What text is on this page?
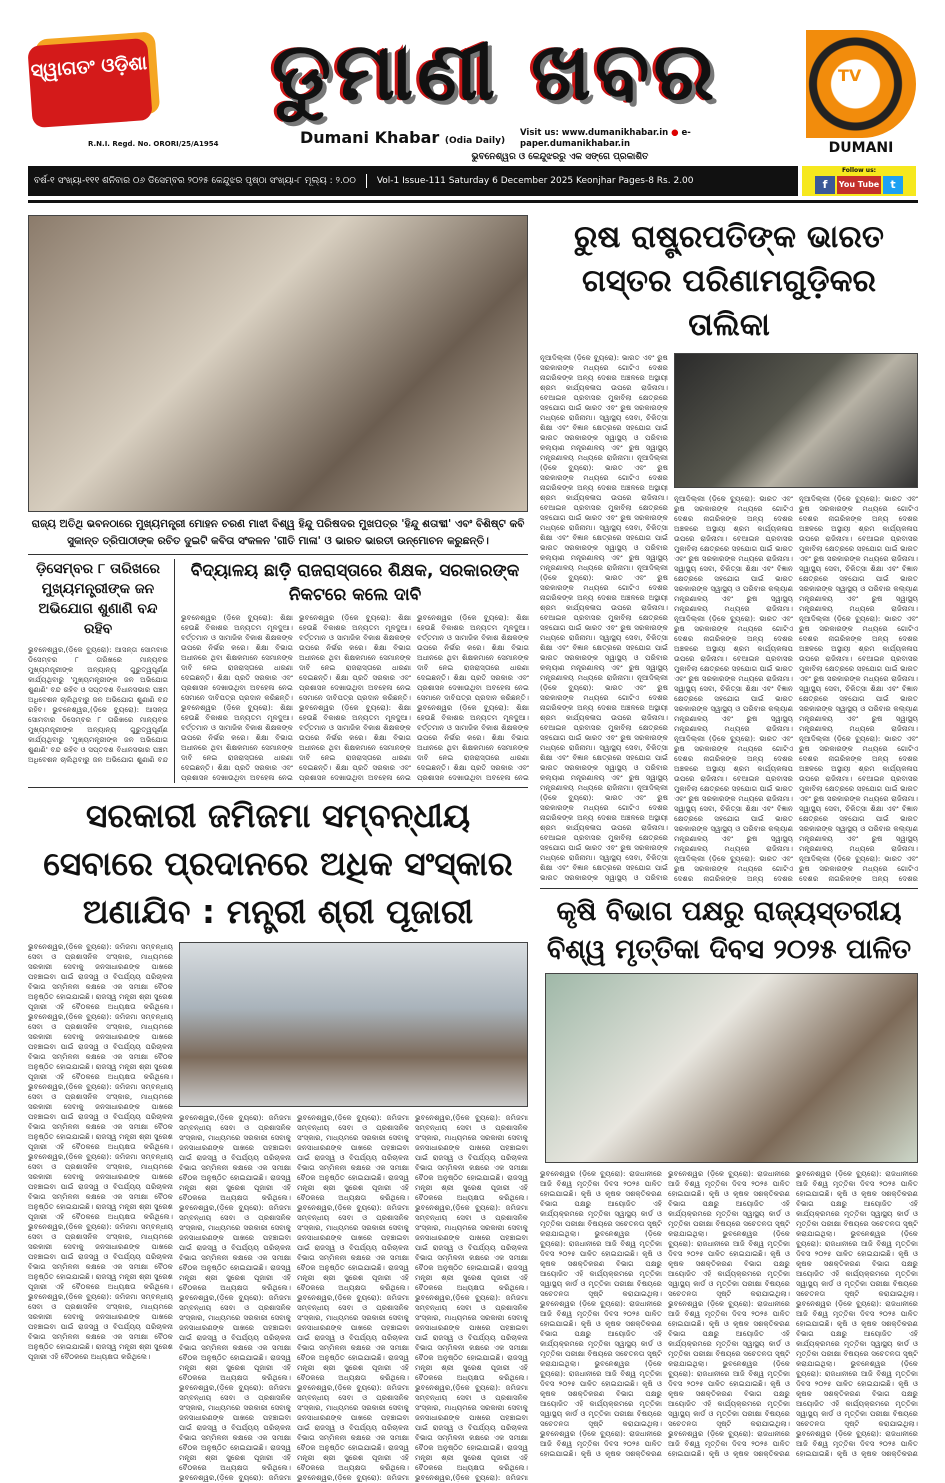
ସ୍ୱାଗତଂ ଓଡ଼ିଶା
R.N.I. Regd. No. ORORI/25/A1954
ଡୁମାଣୀ ଖବର
Dumani Khabar (Odia Daily)
Visit us: www.dumanikhabar.in ● e-paper.dumanikhabar.in
ଭୁବନେଶ୍ୱର ଓ କେନ୍ଦୁଝରରୁ ଏକ ସଙ୍ଗେ ପ୍ରକାଶିତ
TV
DUMANI
ବର୍ଷ-୧ ସଂଖ୍ୟା-୧୧୧ ଶନିବାର ୦୬ ଡିସେମ୍ବର ୨୦୨୫ କେନ୍ଦୁଝର ପୃଷ୍ଠା ସଂଖ୍ୟା-୮ ମୂଲ୍ୟ : ୨.୦୦ Vol-1 Issue-111 Saturday 6 December 2025 Keonjhar Pages-8 Rs. 2.00
Follow us:
f You Tube t
ରାଜ୍ୟ ଅତିଥି ଭବନଠାରେ ମୁଖ୍ୟମନ୍ତ୍ରୀ ମୋହନ ଚରଣ ମାଝୀ ବିଶ୍ୱ ହିନ୍ଦୁ ପରିଷଦର ମୁଖପତ୍ର 'ହିନ୍ଦୁ ଶତାବ୍ଦୀ' ଏବଂ ବିଶିଷ୍ଟ କବି ସୁକାନ୍ତ ତ୍ରିପାଠୀଙ୍କ ରଚିତ ଦୁଇଟି କବିତା ସଂକଳନ 'ଗୀତି ମାଳା' ଓ ଭାରତ ଭାରତୀ ଉନ୍ମୋଚନ କରୁଛନ୍ତି।
ଡ଼ିସେମ୍ବର ୮ ତାରିଖରେ ମୁଖ୍ୟମନ୍ତ୍ରୀଙ୍କ ଜନ ଅଭିଯୋଗ ଶୁଣାଣି ବନ୍ଦ ରହିବ
ଭୁବନେଶ୍ୱର,(ଡ଼ିକେ ବ୍ୟୁରୋ): ଆସନ୍ତା ସୋମବାର ଡିସେମ୍ବର ୮ ତାରିଖରେ ମାନ୍ୟବର ମୁଖ୍ୟମନ୍ତ୍ରୀଙ୍କ ଅନ୍ୟାନ୍ୟ ଗୁରୁତ୍ୱପୂର୍ଣ୍ଣ କାର୍ଯ୍ୟଥିବାରୁ 'ମୁଖ୍ୟମନ୍ତ୍ରୀଙ୍କ ଜନ ଅଭିଯୋଗ ଶୁଣାଣି' ବନ୍ଦ ରହିବ ଓ ସପ୍ତଦଶ ବିଧାନସଭାର ପଞ୍ଚମ ଅଧିବେଶନ ଚାଲିଥିବାରୁ ଜନ ଅଭିଯୋଗ ଶୁଣାଣି ବନ୍ଦ ରହିବ। ଭୁବନେଶ୍ୱର,(ଡ଼ିକେ ବ୍ୟୁରୋ): ଆସନ୍ତା ସୋମବାର ଡିସେମ୍ବର ୮ ତାରିଖରେ ମାନ୍ୟବର ମୁଖ୍ୟମନ୍ତ୍ରୀଙ୍କ ଅନ୍ୟାନ୍ୟ ଗୁରୁତ୍ୱପୂର୍ଣ୍ଣ କାର୍ଯ୍ୟଥିବାରୁ 'ମୁଖ୍ୟମନ୍ତ୍ରୀଙ୍କ ଜନ ଅଭିଯୋଗ ଶୁଣାଣି' ବନ୍ଦ ରହିବ ଓ ସପ୍ତଦଶ ବିଧାନସଭାର ପଞ୍ଚମ ଅଧିବେଶନ ଚାଲିଥିବାରୁ ଜନ ଅଭିଯୋଗ ଶୁଣାଣି ବନ୍ଦ
ବିଦ୍ୟାଳୟ ଛାଡ଼ି ରାଜରାସ୍ତାରେ ଶିକ୍ଷକ, ସରକାରଙ୍କ ନିକଟରେ କଲେ ଦାବି
ଭୁବନେଶ୍ୱର (ଡ଼ିକେ ବ୍ୟୁରୋ): ଶିକ୍ଷା ହେଉଛି ବିକାଶର ଅନ୍ୟତମ ମୂଳଦୁଆ। ବର୍ତ୍ତମାନ ଓ ସାମାଜିକ ବିକାଶ ଶିକ୍ଷକଙ୍କ ଉପରେ ନିର୍ଭର କରେ। ଶିକ୍ଷା ବିଭାଗ ଅଧୀନରେ ଥିବା ଶିକ୍ଷକମାନେ ସେମାନଙ୍କ ଦାବି ନେଇ ରାଜରାସ୍ତାରେ ଧାରଣା ଦେଇଛନ୍ତି। ଶିକ୍ଷା ପ୍ରତି ସରକାର ଏବଂ ପ୍ରଶାସନ ଦେଖାଉଥିବା ଅବହେଳା ନେଇ ସେମାନେ ଦାବିପତ୍ର ପ୍ରଦାନ କରିଛନ୍ତି। ଭୁବନେଶ୍ୱର (ଡ଼ିକେ ବ୍ୟୁରୋ): ଶିକ୍ଷା ହେଉଛି ବିକାଶର ଅନ୍ୟତମ ମୂଳଦୁଆ। ବର୍ତ୍ତମାନ ଓ ସାମାଜିକ ବିକାଶ ଶିକ୍ଷକଙ୍କ ଉପରେ ନିର୍ଭର କରେ। ଶିକ୍ଷା ବିଭାଗ ଅଧୀନରେ ଥିବା ଶିକ୍ଷକମାନେ ସେମାନଙ୍କ ଦାବି ନେଇ ରାଜରାସ୍ତାରେ ଧାରଣା ଦେଇଛନ୍ତି। ଶିକ୍ଷା ପ୍ରତି ସରକାର ଏବଂ ପ୍ରଶାସନ ଦେଖାଉଥିବା ଅବହେଳା ନେଇ
ଭୁବନେଶ୍ୱର (ଡ଼ିକେ ବ୍ୟୁରୋ): ଶିକ୍ଷା ହେଉଛି ବିକାଶର ଅନ୍ୟତମ ମୂଳଦୁଆ। ବର୍ତ୍ତମାନ ଓ ସାମାଜିକ ବିକାଶ ଶିକ୍ଷକଙ୍କ ଉପରେ ନିର୍ଭର କରେ। ଶିକ୍ଷା ବିଭାଗ ଅଧୀନରେ ଥିବା ଶିକ୍ଷକମାନେ ସେମାନଙ୍କ ଦାବି ନେଇ ରାଜରାସ୍ତାରେ ଧାରଣା ଦେଇଛନ୍ତି। ଶିକ୍ଷା ପ୍ରତି ସରକାର ଏବଂ ପ୍ରଶାସନ ଦେଖାଉଥିବା ଅବହେଳା ନେଇ ସେମାନେ ଦାବିପତ୍ର ପ୍ରଦାନ କରିଛନ୍ତି। ଭୁବନେଶ୍ୱର (ଡ଼ିକେ ବ୍ୟୁରୋ): ଶିକ୍ଷା ହେଉଛି ବିକାଶର ଅନ୍ୟତମ ମୂଳଦୁଆ। ବର୍ତ୍ତମାନ ଓ ସାମାଜିକ ବିକାଶ ଶିକ୍ଷକଙ୍କ ଉପରେ ନିର୍ଭର କରେ। ଶିକ୍ଷା ବିଭାଗ ଅଧୀନରେ ଥିବା ଶିକ୍ଷକମାନେ ସେମାନଙ୍କ ଦାବି ନେଇ ରାଜରାସ୍ତାରେ ଧାରଣା ଦେଇଛନ୍ତି। ଶିକ୍ଷା ପ୍ରତି ସରକାର ଏବଂ ପ୍ରଶାସନ ଦେଖାଉଥିବା ଅବହେଳା ନେଇ
ଭୁବନେଶ୍ୱର (ଡ଼ିକେ ବ୍ୟୁରୋ): ଶିକ୍ଷା ହେଉଛି ବିକାଶର ଅନ୍ୟତମ ମୂଳଦୁଆ। ବର୍ତ୍ତମାନ ଓ ସାମାଜିକ ବିକାଶ ଶିକ୍ଷକଙ୍କ ଉପରେ ନିର୍ଭର କରେ। ଶିକ୍ଷା ବିଭାଗ ଅଧୀନରେ ଥିବା ଶିକ୍ଷକମାନେ ସେମାନଙ୍କ ଦାବି ନେଇ ରାଜରାସ୍ତାରେ ଧାରଣା ଦେଇଛନ୍ତି। ଶିକ୍ଷା ପ୍ରତି ସରକାର ଏବଂ ପ୍ରଶାସନ ଦେଖାଉଥିବା ଅବହେଳା ନେଇ ସେମାନେ ଦାବିପତ୍ର ପ୍ରଦାନ କରିଛନ୍ତି। ଭୁବନେଶ୍ୱର (ଡ଼ିକେ ବ୍ୟୁରୋ): ଶିକ୍ଷା ହେଉଛି ବିକାଶର ଅନ୍ୟତମ ମୂଳଦୁଆ। ବର୍ତ୍ତମାନ ଓ ସାମାଜିକ ବିକାଶ ଶିକ୍ଷକଙ୍କ ଉପରେ ନିର୍ଭର କରେ। ଶିକ୍ଷା ବିଭାଗ ଅଧୀନରେ ଥିବା ଶିକ୍ଷକମାନେ ସେମାନଙ୍କ ଦାବି ନେଇ ରାଜରାସ୍ତାରେ ଧାରଣା ଦେଇଛନ୍ତି। ଶିକ୍ଷା ପ୍ରତି ସରକାର ଏବଂ ପ୍ରଶାସନ ଦେଖାଉଥିବା ଅବହେଳା ନେଇ
ସରକାରୀ ଜମିଜମା ସମ୍ବନ୍ଧୀୟ ସେବାରେ ପ୍ରଦାନରେ ଅଧିକ ସଂସ୍କାର ଅଣାଯିବ : ମନ୍ତ୍ରୀ ଶ୍ରୀ ପୂଜାରୀ
ଭୁବନେଶ୍ୱର,(ଡ଼ିକେ ବ୍ୟୁରୋ): ଜମିଜମା ସମ୍ବନ୍ଧୀୟ ସେବା ଓ ପ୍ରଶାସନିକ ସଂସ୍କାର, ମାଧ୍ୟମରେ ସରକାରୀ ସେବାକୁ ଜନସାଧାରଣଙ୍କ ପାଖରେ ପହଞ୍ଚାଇବା ପାଇଁ ରାଜସ୍ୱ ଓ ବିପର୍ଯ୍ୟୟ ପରିଚାଳନା ବିଭାଗ ସମ୍ମିଳନୀ କକ୍ଷରେ ଏକ ସମୀକ୍ଷା ବୈଠକ ଅନୁଷ୍ଠିତ ହୋଇଯାଇଛି। ରାଜସ୍ୱ ମନ୍ତ୍ରୀ ଶ୍ରୀ ସୁରେଶ ପୂଜାରୀ ଏହି ବୈଠକରେ ଅଧ୍ୟକ୍ଷତା କରିଥିଲେ। ଭୁବନେଶ୍ୱର,(ଡ଼ିକେ ବ୍ୟୁରୋ): ଜମିଜମା ସମ୍ବନ୍ଧୀୟ ସେବା ଓ ପ୍ରଶାସନିକ ସଂସ୍କାର, ମାଧ୍ୟମରେ ସରକାରୀ ସେବାକୁ ଜନସାଧାରଣଙ୍କ ପାଖରେ ପହଞ୍ଚାଇବା ପାଇଁ ରାଜସ୍ୱ ଓ ବିପର୍ଯ୍ୟୟ ପରିଚାଳନା ବିଭାଗ ସମ୍ମିଳନୀ କକ୍ଷରେ ଏକ ସମୀକ୍ଷା ବୈଠକ ଅନୁଷ୍ଠିତ ହୋଇଯାଇଛି। ରାଜସ୍ୱ ମନ୍ତ୍ରୀ ଶ୍ରୀ ସୁରେଶ ପୂଜାରୀ ଏହି ବୈଠକରେ ଅଧ୍ୟକ୍ଷତା କରିଥିଲେ। ଭୁବନେଶ୍ୱର,(ଡ଼ିକେ ବ୍ୟୁରୋ): ଜମିଜମା ସମ୍ବନ୍ଧୀୟ ସେବା ଓ ପ୍ରଶାସନିକ ସଂସ୍କାର, ମାଧ୍ୟମରେ ସରକାରୀ ସେବାକୁ ଜନସାଧାରଣଙ୍କ ପାଖରେ ପହଞ୍ଚାଇବା ପାଇଁ ରାଜସ୍ୱ ଓ ବିପର୍ଯ୍ୟୟ ପରିଚାଳନା ବିଭାଗ ସମ୍ମିଳନୀ କକ୍ଷରେ ଏକ ସମୀକ୍ଷା ବୈଠକ ଅନୁଷ୍ଠିତ ହୋଇଯାଇଛି। ରାଜସ୍ୱ ମନ୍ତ୍ରୀ ଶ୍ରୀ ସୁରେଶ ପୂଜାରୀ ଏହି ବୈଠକରେ ଅଧ୍ୟକ୍ଷତା କରିଥିଲେ। ଭୁବନେଶ୍ୱର,(ଡ଼ିକେ ବ୍ୟୁରୋ): ଜମିଜମା ସମ୍ବନ୍ଧୀୟ ସେବା ଓ ପ୍ରଶାସନିକ ସଂସ୍କାର, ମାଧ୍ୟମରେ ସରକାରୀ ସେବାକୁ ଜନସାଧାରଣଙ୍କ ପାଖରେ ପହଞ୍ଚାଇବା ପାଇଁ ରାଜସ୍ୱ ଓ ବିପର୍ଯ୍ୟୟ ପରିଚାଳନା ବିଭାଗ ସମ୍ମିଳନୀ କକ୍ଷରେ ଏକ ସମୀକ୍ଷା ବୈଠକ ଅନୁଷ୍ଠିତ ହୋଇଯାଇଛି। ରାଜସ୍ୱ ମନ୍ତ୍ରୀ ଶ୍ରୀ ସୁରେଶ ପୂଜାରୀ ଏହି ବୈଠକରେ ଅଧ୍ୟକ୍ଷତା କରିଥିଲେ। ଭୁବନେଶ୍ୱର,(ଡ଼ିକେ ବ୍ୟୁରୋ): ଜମିଜମା ସମ୍ବନ୍ଧୀୟ ସେବା ଓ ପ୍ରଶାସନିକ ସଂସ୍କାର, ମାଧ୍ୟମରେ ସରକାରୀ ସେବାକୁ ଜନସାଧାରଣଙ୍କ ପାଖରେ ପହଞ୍ଚାଇବା ପାଇଁ ରାଜସ୍ୱ ଓ ବିପର୍ଯ୍ୟୟ ପରିଚାଳନା ବିଭାଗ ସମ୍ମିଳନୀ କକ୍ଷରେ ଏକ ସମୀକ୍ଷା ବୈଠକ ଅନୁଷ୍ଠିତ ହୋଇଯାଇଛି। ରାଜସ୍ୱ ମନ୍ତ୍ରୀ ଶ୍ରୀ ସୁରେଶ ପୂଜାରୀ ଏହି ବୈଠକରେ ଅଧ୍ୟକ୍ଷତା କରିଥିଲେ। ଭୁବନେଶ୍ୱର,(ଡ଼ିକେ ବ୍ୟୁରୋ): ଜମିଜମା ସମ୍ବନ୍ଧୀୟ ସେବା ଓ ପ୍ରଶାସନିକ ସଂସ୍କାର, ମାଧ୍ୟମରେ ସରକାରୀ ସେବାକୁ ଜନସାଧାରଣଙ୍କ ପାଖରେ ପହଞ୍ଚାଇବା ପାଇଁ ରାଜସ୍ୱ ଓ ବିପର୍ଯ୍ୟୟ ପରିଚାଳନା ବିଭାଗ ସମ୍ମିଳନୀ କକ୍ଷରେ ଏକ ସମୀକ୍ଷା ବୈଠକ ଅନୁଷ୍ଠିତ ହୋଇଯାଇଛି। ରାଜସ୍ୱ ମନ୍ତ୍ରୀ ଶ୍ରୀ ସୁରେଶ ପୂଜାରୀ ଏହି ବୈଠକରେ ଅଧ୍ୟକ୍ଷତା କରିଥିଲେ।
ଭୁବନେଶ୍ୱର,(ଡ଼ିକେ ବ୍ୟୁରୋ): ଜମିଜମା ସମ୍ବନ୍ଧୀୟ ସେବା ଓ ପ୍ରଶାସନିକ ସଂସ୍କାର, ମାଧ୍ୟମରେ ସରକାରୀ ସେବାକୁ ଜନସାଧାରଣଙ୍କ ପାଖରେ ପହଞ୍ଚାଇବା ପାଇଁ ରାଜସ୍ୱ ଓ ବିପର୍ଯ୍ୟୟ ପରିଚାଳନା ବିଭାଗ ସମ୍ମିଳନୀ କକ୍ଷରେ ଏକ ସମୀକ୍ଷା ବୈଠକ ଅନୁଷ୍ଠିତ ହୋଇଯାଇଛି। ରାଜସ୍ୱ ମନ୍ତ୍ରୀ ଶ୍ରୀ ସୁରେଶ ପୂଜାରୀ ଏହି ବୈଠକରେ ଅଧ୍ୟକ୍ଷତା କରିଥିଲେ। ଭୁବନେଶ୍ୱର,(ଡ଼ିକେ ବ୍ୟୁରୋ): ଜମିଜମା ସମ୍ବନ୍ଧୀୟ ସେବା ଓ ପ୍ରଶାସନିକ ସଂସ୍କାର, ମାଧ୍ୟମରେ ସରକାରୀ ସେବାକୁ ଜନସାଧାରଣଙ୍କ ପାଖରେ ପହଞ୍ଚାଇବା ପାଇଁ ରାଜସ୍ୱ ଓ ବିପର୍ଯ୍ୟୟ ପରିଚାଳନା ବିଭାଗ ସମ୍ମିଳନୀ କକ୍ଷରେ ଏକ ସମୀକ୍ଷା ବୈଠକ ଅନୁଷ୍ଠିତ ହୋଇଯାଇଛି। ରାଜସ୍ୱ ମନ୍ତ୍ରୀ ଶ୍ରୀ ସୁରେଶ ପୂଜାରୀ ଏହି ବୈଠକରେ ଅଧ୍ୟକ୍ଷତା କରିଥିଲେ। ଭୁବନେଶ୍ୱର,(ଡ଼ିକେ ବ୍ୟୁରୋ): ଜମିଜମା ସମ୍ବନ୍ଧୀୟ ସେବା ଓ ପ୍ରଶାସନିକ ସଂସ୍କାର, ମାଧ୍ୟମରେ ସରକାରୀ ସେବାକୁ ଜନସାଧାରଣଙ୍କ ପାଖରେ ପହଞ୍ଚାଇବା ପାଇଁ ରାଜସ୍ୱ ଓ ବିପର୍ଯ୍ୟୟ ପରିଚାଳନା ବିଭାଗ ସମ୍ମିଳନୀ କକ୍ଷରେ ଏକ ସମୀକ୍ଷା ବୈଠକ ଅନୁଷ୍ଠିତ ହୋଇଯାଇଛି। ରାଜସ୍ୱ ମନ୍ତ୍ରୀ ଶ୍ରୀ ସୁରେଶ ପୂଜାରୀ ଏହି ବୈଠକରେ ଅଧ୍ୟକ୍ଷତା କରିଥିଲେ। ଭୁବନେଶ୍ୱର,(ଡ଼ିକେ ବ୍ୟୁରୋ): ଜମିଜମା ସମ୍ବନ୍ଧୀୟ ସେବା ଓ ପ୍ରଶାସନିକ ସଂସ୍କାର, ମାଧ୍ୟମରେ ସରକାରୀ ସେବାକୁ ଜନସାଧାରଣଙ୍କ ପାଖରେ ପହଞ୍ଚାଇବା ପାଇଁ ରାଜସ୍ୱ ଓ ବିପର୍ଯ୍ୟୟ ପରିଚାଳନା ବିଭାଗ ସମ୍ମିଳନୀ କକ୍ଷରେ ଏକ ସମୀକ୍ଷା ବୈଠକ ଅନୁଷ୍ଠିତ ହୋଇଯାଇଛି। ରାଜସ୍ୱ ମନ୍ତ୍ରୀ ଶ୍ରୀ ସୁରେଶ ପୂଜାରୀ ଏହି ବୈଠକରେ ଅଧ୍ୟକ୍ଷତା କରିଥିଲେ। ଭୁବନେଶ୍ୱର,(ଡ଼ିକେ ବ୍ୟୁରୋ): ଜମିଜମା
ଭୁବନେଶ୍ୱର,(ଡ଼ିକେ ବ୍ୟୁରୋ): ଜମିଜମା ସମ୍ବନ୍ଧୀୟ ସେବା ଓ ପ୍ରଶାସନିକ ସଂସ୍କାର, ମାଧ୍ୟମରେ ସରକାରୀ ସେବାକୁ ଜନସାଧାରଣଙ୍କ ପାଖରେ ପହଞ୍ଚାଇବା ପାଇଁ ରାଜସ୍ୱ ଓ ବିପର୍ଯ୍ୟୟ ପରିଚାଳନା ବିଭାଗ ସମ୍ମିଳନୀ କକ୍ଷରେ ଏକ ସମୀକ୍ଷା ବୈଠକ ଅନୁଷ୍ଠିତ ହୋଇଯାଇଛି। ରାଜସ୍ୱ ମନ୍ତ୍ରୀ ଶ୍ରୀ ସୁରେଶ ପୂଜାରୀ ଏହି ବୈଠକରେ ଅଧ୍ୟକ୍ଷତା କରିଥିଲେ। ଭୁବନେଶ୍ୱର,(ଡ଼ିକେ ବ୍ୟୁରୋ): ଜମିଜମା ସମ୍ବନ୍ଧୀୟ ସେବା ଓ ପ୍ରଶାସନିକ ସଂସ୍କାର, ମାଧ୍ୟମରେ ସରକାରୀ ସେବାକୁ ଜନସାଧାରଣଙ୍କ ପାଖରେ ପହଞ୍ଚାଇବା ପାଇଁ ରାଜସ୍ୱ ଓ ବିପର୍ଯ୍ୟୟ ପରିଚାଳନା ବିଭାଗ ସମ୍ମିଳନୀ କକ୍ଷରେ ଏକ ସମୀକ୍ଷା ବୈଠକ ଅନୁଷ୍ଠିତ ହୋଇଯାଇଛି। ରାଜସ୍ୱ ମନ୍ତ୍ରୀ ଶ୍ରୀ ସୁରେଶ ପୂଜାରୀ ଏହି ବୈଠକରେ ଅଧ୍ୟକ୍ଷତା କରିଥିଲେ। ଭୁବନେଶ୍ୱର,(ଡ଼ିକେ ବ୍ୟୁରୋ): ଜମିଜମା ସମ୍ବନ୍ଧୀୟ ସେବା ଓ ପ୍ରଶାସନିକ ସଂସ୍କାର, ମାଧ୍ୟମରେ ସରକାରୀ ସେବାକୁ ଜନସାଧାରଣଙ୍କ ପାଖରେ ପହଞ୍ଚାଇବା ପାଇଁ ରାଜସ୍ୱ ଓ ବିପର୍ଯ୍ୟୟ ପରିଚାଳନା ବିଭାଗ ସମ୍ମିଳନୀ କକ୍ଷରେ ଏକ ସମୀକ୍ଷା ବୈଠକ ଅନୁଷ୍ଠିତ ହୋଇଯାଇଛି। ରାଜସ୍ୱ ମନ୍ତ୍ରୀ ଶ୍ରୀ ସୁରେଶ ପୂଜାରୀ ଏହି ବୈଠକରେ ଅଧ୍ୟକ୍ଷତା କରିଥିଲେ। ଭୁବନେଶ୍ୱର,(ଡ଼ିକେ ବ୍ୟୁରୋ): ଜମିଜମା ସମ୍ବନ୍ଧୀୟ ସେବା ଓ ପ୍ରଶାସନିକ ସଂସ୍କାର, ମାଧ୍ୟମରେ ସରକାରୀ ସେବାକୁ ଜନସାଧାରଣଙ୍କ ପାଖରେ ପହଞ୍ଚାଇବା ପାଇଁ ରାଜସ୍ୱ ଓ ବିପର୍ଯ୍ୟୟ ପରିଚାଳନା ବିଭାଗ ସମ୍ମିଳନୀ କକ୍ଷରେ ଏକ ସମୀକ୍ଷା ବୈଠକ ଅନୁଷ୍ଠିତ ହୋଇଯାଇଛି। ରାଜସ୍ୱ ମନ୍ତ୍ରୀ ଶ୍ରୀ ସୁରେଶ ପୂଜାରୀ ଏହି ବୈଠକରେ ଅଧ୍ୟକ୍ଷତା କରିଥିଲେ। ଭୁବନେଶ୍ୱର,(ଡ଼ିକେ ବ୍ୟୁରୋ): ଜମିଜମା
ଭୁବନେଶ୍ୱର,(ଡ଼ିକେ ବ୍ୟୁରୋ): ଜମିଜମା ସମ୍ବନ୍ଧୀୟ ସେବା ଓ ପ୍ରଶାସନିକ ସଂସ୍କାର, ମାଧ୍ୟମରେ ସରକାରୀ ସେବାକୁ ଜନସାଧାରଣଙ୍କ ପାଖରେ ପହଞ୍ଚାଇବା ପାଇଁ ରାଜସ୍ୱ ଓ ବିପର୍ଯ୍ୟୟ ପରିଚାଳନା ବିଭାଗ ସମ୍ମିଳନୀ କକ୍ଷରେ ଏକ ସମୀକ୍ଷା ବୈଠକ ଅନୁଷ୍ଠିତ ହୋଇଯାଇଛି। ରାଜସ୍ୱ ମନ୍ତ୍ରୀ ଶ୍ରୀ ସୁରେଶ ପୂଜାରୀ ଏହି ବୈଠକରେ ଅଧ୍ୟକ୍ଷତା କରିଥିଲେ। ଭୁବନେଶ୍ୱର,(ଡ଼ିକେ ବ୍ୟୁରୋ): ଜମିଜମା ସମ୍ବନ୍ଧୀୟ ସେବା ଓ ପ୍ରଶାସନିକ ସଂସ୍କାର, ମାଧ୍ୟମରେ ସରକାରୀ ସେବାକୁ ଜନସାଧାରଣଙ୍କ ପାଖରେ ପହଞ୍ଚାଇବା ପାଇଁ ରାଜସ୍ୱ ଓ ବିପର୍ଯ୍ୟୟ ପରିଚାଳନା ବିଭାଗ ସମ୍ମିଳନୀ କକ୍ଷରେ ଏକ ସମୀକ୍ଷା ବୈଠକ ଅନୁଷ୍ଠିତ ହୋଇଯାଇଛି। ରାଜସ୍ୱ ମନ୍ତ୍ରୀ ଶ୍ରୀ ସୁରେଶ ପୂଜାରୀ ଏହି ବୈଠକରେ ଅଧ୍ୟକ୍ଷତା କରିଥିଲେ। ଭୁବନେଶ୍ୱର,(ଡ଼ିକେ ବ୍ୟୁରୋ): ଜମିଜମା ସମ୍ବନ୍ଧୀୟ ସେବା ଓ ପ୍ରଶାସନିକ ସଂସ୍କାର, ମାଧ୍ୟମରେ ସରକାରୀ ସେବାକୁ ଜନସାଧାରଣଙ୍କ ପାଖରେ ପହଞ୍ଚାଇବା ପାଇଁ ରାଜସ୍ୱ ଓ ବିପର୍ଯ୍ୟୟ ପରିଚାଳନା ବିଭାଗ ସମ୍ମିଳନୀ କକ୍ଷରେ ଏକ ସମୀକ୍ଷା ବୈଠକ ଅନୁଷ୍ଠିତ ହୋଇଯାଇଛି। ରାଜସ୍ୱ ମନ୍ତ୍ରୀ ଶ୍ରୀ ସୁରେଶ ପୂଜାରୀ ଏହି ବୈଠକରେ ଅଧ୍ୟକ୍ଷତା କରିଥିଲେ। ଭୁବନେଶ୍ୱର,(ଡ଼ିକେ ବ୍ୟୁରୋ): ଜମିଜମା ସମ୍ବନ୍ଧୀୟ ସେବା ଓ ପ୍ରଶାସନିକ ସଂସ୍କାର, ମାଧ୍ୟମରେ ସରକାରୀ ସେବାକୁ ଜନସାଧାରଣଙ୍କ ପାଖରେ ପହଞ୍ଚାଇବା ପାଇଁ ରାଜସ୍ୱ ଓ ବିପର୍ଯ୍ୟୟ ପରିଚାଳନା ବିଭାଗ ସମ୍ମିଳନୀ କକ୍ଷରେ ଏକ ସମୀକ୍ଷା ବୈଠକ ଅନୁଷ୍ଠିତ ହୋଇଯାଇଛି। ରାଜସ୍ୱ ମନ୍ତ୍ରୀ ଶ୍ରୀ ସୁରେଶ ପୂଜାରୀ ଏହି ବୈଠକରେ ଅଧ୍ୟକ୍ଷତା କରିଥିଲେ। ଭୁବନେଶ୍ୱର,(ଡ଼ିକେ ବ୍ୟୁରୋ): ଜମିଜମା
ରୁଷ ରାଷ୍ଟ୍ରପତିଙ୍କ ଭାରତ ଗସ୍ତର ପରିଣାମଗୁଡ଼ିକର ତାଲିକା
ନୂଆଦିଲ୍ଲୀ (ଡ଼ିକେ ବ୍ୟୁରୋ): ଭାରତ ଏବଂ ରୁଷ ସରକାରଙ୍କ ମଧ୍ୟରେ ଗୋଟିଏ ଦେଶର ନାଗରିକଙ୍କ ଅନ୍ୟ ଦେଶର ଅଞ୍ଚଳରେ ଅସ୍ଥାୟୀ ଶ୍ରମ କାର୍ଯ୍ୟକଳାପ ଉପରେ ରାଜିନାମା। ବେଆଇନ ପ୍ରବାସର ମୁକାବିଲା କ୍ଷେତ୍ରରେ ସହଯୋଗ ପାଇଁ ଭାରତ ଏବଂ ରୁଷ ସରକାରଙ୍କ ମଧ୍ୟରେ ରାଜିନାମା। ସ୍ୱାସ୍ଥ୍ୟ ସେବା, ଚିକିତ୍ସା ଶିକ୍ଷା ଏବଂ ବିଜ୍ଞାନ କ୍ଷେତ୍ରରେ ସହଯୋଗ ପାଇଁ ଭାରତ ସରକାରଙ୍କ ସ୍ୱାସ୍ଥ୍ୟ ଓ ପରିବାର କଲ୍ୟାଣ ମନ୍ତ୍ରଣାଳୟ ଏବଂ ରୁଷ ସ୍ୱାସ୍ଥ୍ୟ ମନ୍ତ୍ରଣାଳୟ ମଧ୍ୟରେ ରାଜିନାମା। ନୂଆଦିଲ୍ଲୀ (ଡ଼ିକେ ବ୍ୟୁରୋ): ଭାରତ ଏବଂ ରୁଷ ସରକାରଙ୍କ ମଧ୍ୟରେ ଗୋଟିଏ ଦେଶର ନାଗରିକଙ୍କ ଅନ୍ୟ ଦେଶର ଅଞ୍ଚଳରେ ଅସ୍ଥାୟୀ ଶ୍ରମ କାର୍ଯ୍ୟକଳାପ ଉପରେ ରାଜିନାମା। ବେଆଇନ ପ୍ରବାସର ମୁକାବିଲା କ୍ଷେତ୍ରରେ ସହଯୋଗ ପାଇଁ ଭାରତ ଏବଂ ରୁଷ ସରକାରଙ୍କ ମଧ୍ୟରେ ରାଜିନାମା। ସ୍ୱାସ୍ଥ୍ୟ ସେବା, ଚିକିତ୍ସା ଶିକ୍ଷା ଏବଂ ବିଜ୍ଞାନ କ୍ଷେତ୍ରରେ ସହଯୋଗ ପାଇଁ ଭାରତ ସରକାରଙ୍କ ସ୍ୱାସ୍ଥ୍ୟ ଓ ପରିବାର କଲ୍ୟାଣ ମନ୍ତ୍ରଣାଳୟ ଏବଂ ରୁଷ ସ୍ୱାସ୍ଥ୍ୟ ମନ୍ତ୍ରଣାଳୟ ମଧ୍ୟରେ ରାଜିନାମା। ନୂଆଦିଲ୍ଲୀ (ଡ଼ିକେ ବ୍ୟୁରୋ): ଭାରତ ଏବଂ ରୁଷ ସରକାରଙ୍କ ମଧ୍ୟରେ ଗୋଟିଏ ଦେଶର ନାଗରିକଙ୍କ ଅନ୍ୟ ଦେଶର ଅଞ୍ଚଳରେ ଅସ୍ଥାୟୀ ଶ୍ରମ କାର୍ଯ୍ୟକଳାପ ଉପରେ ରାଜିନାମା। ବେଆଇନ ପ୍ରବାସର ମୁକାବିଲା କ୍ଷେତ୍ରରେ ସହଯୋଗ ପାଇଁ ଭାରତ ଏବଂ ରୁଷ ସରକାରଙ୍କ ମଧ୍ୟରେ ରାଜିନାମା। ସ୍ୱାସ୍ଥ୍ୟ ସେବା, ଚିକିତ୍ସା ଶିକ୍ଷା ଏବଂ ବିଜ୍ଞାନ କ୍ଷେତ୍ରରେ ସହଯୋଗ ପାଇଁ ଭାରତ ସରକାରଙ୍କ ସ୍ୱାସ୍ଥ୍ୟ ଓ ପରିବାର କଲ୍ୟାଣ ମନ୍ତ୍ରଣାଳୟ ଏବଂ ରୁଷ ସ୍ୱାସ୍ଥ୍ୟ ମନ୍ତ୍ରଣାଳୟ ମଧ୍ୟରେ ରାଜିନାମା। ନୂଆଦିଲ୍ଲୀ (ଡ଼ିକେ ବ୍ୟୁରୋ): ଭାରତ ଏବଂ ରୁଷ ସରକାରଙ୍କ ମଧ୍ୟରେ ଗୋଟିଏ ଦେଶର ନାଗରିକଙ୍କ ଅନ୍ୟ ଦେଶର ଅଞ୍ଚଳରେ ଅସ୍ଥାୟୀ ଶ୍ରମ କାର୍ଯ୍ୟକଳାପ ଉପରେ ରାଜିନାମା। ବେଆଇନ ପ୍ରବାସର ମୁକାବିଲା କ୍ଷେତ୍ରରେ ସହଯୋଗ ପାଇଁ ଭାରତ ଏବଂ ରୁଷ ସରକାରଙ୍କ ମଧ୍ୟରେ ରାଜିନାମା। ସ୍ୱାସ୍ଥ୍ୟ ସେବା, ଚିକିତ୍ସା ଶିକ୍ଷା ଏବଂ ବିଜ୍ଞାନ କ୍ଷେତ୍ରରେ ସହଯୋଗ ପାଇଁ ଭାରତ ସରକାରଙ୍କ ସ୍ୱାସ୍ଥ୍ୟ ଓ ପରିବାର କଲ୍ୟାଣ ମନ୍ତ୍ରଣାଳୟ ଏବଂ ରୁଷ ସ୍ୱାସ୍ଥ୍ୟ ମନ୍ତ୍ରଣାଳୟ ମଧ୍ୟରେ ରାଜିନାମା। ନୂଆଦିଲ୍ଲୀ (ଡ଼ିକେ ବ୍ୟୁରୋ): ଭାରତ ଏବଂ ରୁଷ ସରକାରଙ୍କ ମଧ୍ୟରେ ଗୋଟିଏ ଦେଶର ନାଗରିକଙ୍କ ଅନ୍ୟ ଦେଶର ଅଞ୍ଚଳରେ ଅସ୍ଥାୟୀ ଶ୍ରମ କାର୍ଯ୍ୟକଳାପ ଉପରେ ରାଜିନାମା। ବେଆଇନ ପ୍ରବାସର ମୁକାବିଲା କ୍ଷେତ୍ରରେ ସହଯୋଗ ପାଇଁ ଭାରତ ଏବଂ ରୁଷ ସରକାରଙ୍କ ମଧ୍ୟରେ ରାଜିନାମା। ସ୍ୱାସ୍ଥ୍ୟ ସେବା, ଚିକିତ୍ସା ଶିକ୍ଷା ଏବଂ ବିଜ୍ଞାନ କ୍ଷେତ୍ରରେ ସହଯୋଗ ପାଇଁ ଭାରତ ସରକାରଙ୍କ ସ୍ୱାସ୍ଥ୍ୟ ଓ ପରିବାର
ନୂଆଦିଲ୍ଲୀ (ଡ଼ିକେ ବ୍ୟୁରୋ): ଭାରତ ଏବଂ ରୁଷ ସରକାରଙ୍କ ମଧ୍ୟରେ ଗୋଟିଏ ଦେଶର ନାଗରିକଙ୍କ ଅନ୍ୟ ଦେଶର ଅଞ୍ଚଳରେ ଅସ୍ଥାୟୀ ଶ୍ରମ କାର୍ଯ୍ୟକଳାପ ଉପରେ ରାଜିନାମା। ବେଆଇନ ପ୍ରବାସର ମୁକାବିଲା କ୍ଷେତ୍ରରେ ସହଯୋଗ ପାଇଁ ଭାରତ ଏବଂ ରୁଷ ସରକାରଙ୍କ ମଧ୍ୟରେ ରାଜିନାମା। ସ୍ୱାସ୍ଥ୍ୟ ସେବା, ଚିକିତ୍ସା ଶିକ୍ଷା ଏବଂ ବିଜ୍ଞାନ କ୍ଷେତ୍ରରେ ସହଯୋଗ ପାଇଁ ଭାରତ ସରକାରଙ୍କ ସ୍ୱାସ୍ଥ୍ୟ ଓ ପରିବାର କଲ୍ୟାଣ ମନ୍ତ୍ରଣାଳୟ ଏବଂ ରୁଷ ସ୍ୱାସ୍ଥ୍ୟ ମନ୍ତ୍ରଣାଳୟ ମଧ୍ୟରେ ରାଜିନାମା। ନୂଆଦିଲ୍ଲୀ (ଡ଼ିକେ ବ୍ୟୁରୋ): ଭାରତ ଏବଂ ରୁଷ ସରକାରଙ୍କ ମଧ୍ୟରେ ଗୋଟିଏ ଦେଶର ନାଗରିକଙ୍କ ଅନ୍ୟ ଦେଶର ଅଞ୍ଚଳରେ ଅସ୍ଥାୟୀ ଶ୍ରମ କାର୍ଯ୍ୟକଳାପ ଉପରେ ରାଜିନାମା। ବେଆଇନ ପ୍ରବାସର ମୁକାବିଲା କ୍ଷେତ୍ରରେ ସହଯୋଗ ପାଇଁ ଭାରତ ଏବଂ ରୁଷ ସରକାରଙ୍କ ମଧ୍ୟରେ ରାଜିନାମା। ସ୍ୱାସ୍ଥ୍ୟ ସେବା, ଚିକିତ୍ସା ଶିକ୍ଷା ଏବଂ ବିଜ୍ଞାନ କ୍ଷେତ୍ରରେ ସହଯୋଗ ପାଇଁ ଭାରତ ସରକାରଙ୍କ ସ୍ୱାସ୍ଥ୍ୟ ଓ ପରିବାର କଲ୍ୟାଣ ମନ୍ତ୍ରଣାଳୟ ଏବଂ ରୁଷ ସ୍ୱାସ୍ଥ୍ୟ ମନ୍ତ୍ରଣାଳୟ ମଧ୍ୟରେ ରାଜିନାମା। ନୂଆଦିଲ୍ଲୀ (ଡ଼ିକେ ବ୍ୟୁରୋ): ଭାରତ ଏବଂ ରୁଷ ସରକାରଙ୍କ ମଧ୍ୟରେ ଗୋଟିଏ ଦେଶର ନାଗରିକଙ୍କ ଅନ୍ୟ ଦେଶର ଅଞ୍ଚଳରେ ଅସ୍ଥାୟୀ ଶ୍ରମ କାର୍ଯ୍ୟକଳାପ ଉପରେ ରାଜିନାମା। ବେଆଇନ ପ୍ରବାସର ମୁକାବିଲା କ୍ଷେତ୍ରରେ ସହଯୋଗ ପାଇଁ ଭାରତ ଏବଂ ରୁଷ ସରକାରଙ୍କ ମଧ୍ୟରେ ରାଜିନାମା। ସ୍ୱାସ୍ଥ୍ୟ ସେବା, ଚିକିତ୍ସା ଶିକ୍ଷା ଏବଂ ବିଜ୍ଞାନ କ୍ଷେତ୍ରରେ ସହଯୋଗ ପାଇଁ ଭାରତ ସରକାରଙ୍କ ସ୍ୱାସ୍ଥ୍ୟ ଓ ପରିବାର କଲ୍ୟାଣ ମନ୍ତ୍ରଣାଳୟ ଏବଂ ରୁଷ ସ୍ୱାସ୍ଥ୍ୟ ମନ୍ତ୍ରଣାଳୟ ମଧ୍ୟରେ ରାଜିନାମା। ନୂଆଦିଲ୍ଲୀ (ଡ଼ିକେ ବ୍ୟୁରୋ): ଭାରତ ଏବଂ ରୁଷ ସରକାରଙ୍କ ମଧ୍ୟରେ ଗୋଟିଏ ଦେଶର ନାଗରିକଙ୍କ ଅନ୍ୟ ଦେଶର
ନୂଆଦିଲ୍ଲୀ (ଡ଼ିକେ ବ୍ୟୁରୋ): ଭାରତ ଏବଂ ରୁଷ ସରକାରଙ୍କ ମଧ୍ୟରେ ଗୋଟିଏ ଦେଶର ନାଗରିକଙ୍କ ଅନ୍ୟ ଦେଶର ଅଞ୍ଚଳରେ ଅସ୍ଥାୟୀ ଶ୍ରମ କାର୍ଯ୍ୟକଳାପ ଉପରେ ରାଜିନାମା। ବେଆଇନ ପ୍ରବାସର ମୁକାବିଲା କ୍ଷେତ୍ରରେ ସହଯୋଗ ପାଇଁ ଭାରତ ଏବଂ ରୁଷ ସରକାରଙ୍କ ମଧ୍ୟରେ ରାଜିନାମା। ସ୍ୱାସ୍ଥ୍ୟ ସେବା, ଚିକିତ୍ସା ଶିକ୍ଷା ଏବଂ ବିଜ୍ଞାନ କ୍ଷେତ୍ରରେ ସହଯୋଗ ପାଇଁ ଭାରତ ସରକାରଙ୍କ ସ୍ୱାସ୍ଥ୍ୟ ଓ ପରିବାର କଲ୍ୟାଣ ମନ୍ତ୍ରଣାଳୟ ଏବଂ ରୁଷ ସ୍ୱାସ୍ଥ୍ୟ ମନ୍ତ୍ରଣାଳୟ ମଧ୍ୟରେ ରାଜିନାମା। ନୂଆଦିଲ୍ଲୀ (ଡ଼ିକେ ବ୍ୟୁରୋ): ଭାରତ ଏବଂ ରୁଷ ସରକାରଙ୍କ ମଧ୍ୟରେ ଗୋଟିଏ ଦେଶର ନାଗରିକଙ୍କ ଅନ୍ୟ ଦେଶର ଅଞ୍ଚଳରେ ଅସ୍ଥାୟୀ ଶ୍ରମ କାର୍ଯ୍ୟକଳାପ ଉପରେ ରାଜିନାମା। ବେଆଇନ ପ୍ରବାସର ମୁକାବିଲା କ୍ଷେତ୍ରରେ ସହଯୋଗ ପାଇଁ ଭାରତ ଏବଂ ରୁଷ ସରକାରଙ୍କ ମଧ୍ୟରେ ରାଜିନାମା। ସ୍ୱାସ୍ଥ୍ୟ ସେବା, ଚିକିତ୍ସା ଶିକ୍ଷା ଏବଂ ବିଜ୍ଞାନ କ୍ଷେତ୍ରରେ ସହଯୋଗ ପାଇଁ ଭାରତ ସରକାରଙ୍କ ସ୍ୱାସ୍ଥ୍ୟ ଓ ପରିବାର କଲ୍ୟାଣ ମନ୍ତ୍ରଣାଳୟ ଏବଂ ରୁଷ ସ୍ୱାସ୍ଥ୍ୟ ମନ୍ତ୍ରଣାଳୟ ମଧ୍ୟରେ ରାଜିନାମା। ନୂଆଦିଲ୍ଲୀ (ଡ଼ିକେ ବ୍ୟୁରୋ): ଭାରତ ଏବଂ ରୁଷ ସରକାରଙ୍କ ମଧ୍ୟରେ ଗୋଟିଏ ଦେଶର ନାଗରିକଙ୍କ ଅନ୍ୟ ଦେଶର ଅଞ୍ଚଳରେ ଅସ୍ଥାୟୀ ଶ୍ରମ କାର୍ଯ୍ୟକଳାପ ଉପରେ ରାଜିନାମା। ବେଆଇନ ପ୍ରବାସର ମୁକାବିଲା କ୍ଷେତ୍ରରେ ସହଯୋଗ ପାଇଁ ଭାରତ ଏବଂ ରୁଷ ସରକାରଙ୍କ ମଧ୍ୟରେ ରାଜିନାମା। ସ୍ୱାସ୍ଥ୍ୟ ସେବା, ଚିକିତ୍ସା ଶିକ୍ଷା ଏବଂ ବିଜ୍ଞାନ କ୍ଷେତ୍ରରେ ସହଯୋଗ ପାଇଁ ଭାରତ ସରକାରଙ୍କ ସ୍ୱାସ୍ଥ୍ୟ ଓ ପରିବାର କଲ୍ୟାଣ ମନ୍ତ୍ରଣାଳୟ ଏବଂ ରୁଷ ସ୍ୱାସ୍ଥ୍ୟ ମନ୍ତ୍ରଣାଳୟ ମଧ୍ୟରେ ରାଜିନାମା। ନୂଆଦିଲ୍ଲୀ (ଡ଼ିକେ ବ୍ୟୁରୋ): ଭାରତ ଏବଂ ରୁଷ ସରକାରଙ୍କ ମଧ୍ୟରେ ଗୋଟିଏ ଦେଶର ନାଗରିକଙ୍କ ଅନ୍ୟ ଦେଶର
କୃଷି ବିଭାଗ ପକ୍ଷରୁ ରାଜ୍ୟସ୍ତରୀୟ ବିଶ୍ୱ ମୃତ୍ତିକା ଦିବସ ୨୦୨୫ ପାଳିତ
ଭୁବନେଶ୍ୱର (ଡ଼ିକେ ବ୍ୟୁରୋ): ରାଜଧାନୀରେ ଆଜି ବିଶ୍ୱ ମୃତ୍ତିକା ଦିବସ ୨୦୨୫ ପାଳିତ ହୋଇଯାଇଛି। କୃଷି ଓ କୃଷକ ସଶକ୍ତିକରଣ ବିଭାଗ ପକ୍ଷରୁ ଆୟୋଜିତ ଏହି କାର୍ଯ୍ୟକ୍ରମରେ ମୃତ୍ତିକା ସ୍ୱାସ୍ଥ୍ୟ କାର୍ଡ ଓ ମୃତ୍ତିକା ପରୀକ୍ଷା ବିଷୟରେ ସଚେତନତା ସୃଷ୍ଟି କରାଯାଇଥିଲା। ଭୁବନେଶ୍ୱର (ଡ଼ିକେ ବ୍ୟୁରୋ): ରାଜଧାନୀରେ ଆଜି ବିଶ୍ୱ ମୃତ୍ତିକା ଦିବସ ୨୦୨୫ ପାଳିତ ହୋଇଯାଇଛି। କୃଷି ଓ କୃଷକ ସଶକ୍ତିକରଣ ବିଭାଗ ପକ୍ଷରୁ ଆୟୋଜିତ ଏହି କାର୍ଯ୍ୟକ୍ରମରେ ମୃତ୍ତିକା ସ୍ୱାସ୍ଥ୍ୟ କାର୍ଡ ଓ ମୃତ୍ତିକା ପରୀକ୍ଷା ବିଷୟରେ ସଚେତନତା ସୃଷ୍ଟି କରାଯାଇଥିଲା। ଭୁବନେଶ୍ୱର (ଡ଼ିକେ ବ୍ୟୁରୋ): ରାଜଧାନୀରେ ଆଜି ବିଶ୍ୱ ମୃତ୍ତିକା ଦିବସ ୨୦୨୫ ପାଳିତ ହୋଇଯାଇଛି। କୃଷି ଓ କୃଷକ ସଶକ୍ତିକରଣ ବିଭାଗ ପକ୍ଷରୁ ଆୟୋଜିତ ଏହି କାର୍ଯ୍ୟକ୍ରମରେ ମୃତ୍ତିକା ସ୍ୱାସ୍ଥ୍ୟ କାର୍ଡ ଓ ମୃତ୍ତିକା ପରୀକ୍ଷା ବିଷୟରେ ସଚେତନତା ସୃଷ୍ଟି କରାଯାଇଥିଲା। ଭୁବନେଶ୍ୱର (ଡ଼ିକେ ବ୍ୟୁରୋ): ରାଜଧାନୀରେ ଆଜି ବିଶ୍ୱ ମୃତ୍ତିକା ଦିବସ ୨୦୨୫ ପାଳିତ ହୋଇଯାଇଛି। କୃଷି ଓ କୃଷକ ସଶକ୍ତିକରଣ ବିଭାଗ ପକ୍ଷରୁ ଆୟୋଜିତ ଏହି କାର୍ଯ୍ୟକ୍ରମରେ ମୃତ୍ତିକା ସ୍ୱାସ୍ଥ୍ୟ କାର୍ଡ ଓ ମୃତ୍ତିକା ପରୀକ୍ଷା ବିଷୟରେ ସଚେତନତା ସୃଷ୍ଟି କରାଯାଇଥିଲା। ଭୁବନେଶ୍ୱର (ଡ଼ିକେ ବ୍ୟୁରୋ): ରାଜଧାନୀରେ ଆଜି ବିଶ୍ୱ ମୃତ୍ତିକା ଦିବସ ୨୦୨୫ ପାଳିତ ହୋଇଯାଇଛି। କୃଷି ଓ କୃଷକ ସଶକ୍ତିକରଣ
ଭୁବନେଶ୍ୱର (ଡ଼ିକେ ବ୍ୟୁରୋ): ରାଜଧାନୀରେ ଆଜି ବିଶ୍ୱ ମୃତ୍ତିକା ଦିବସ ୨୦୨୫ ପାଳିତ ହୋଇଯାଇଛି। କୃଷି ଓ କୃଷକ ସଶକ୍ତିକରଣ ବିଭାଗ ପକ୍ଷରୁ ଆୟୋଜିତ ଏହି କାର୍ଯ୍ୟକ୍ରମରେ ମୃତ୍ତିକା ସ୍ୱାସ୍ଥ୍ୟ କାର୍ଡ ଓ ମୃତ୍ତିକା ପରୀକ୍ଷା ବିଷୟରେ ସଚେତନତା ସୃଷ୍ଟି କରାଯାଇଥିଲା। ଭୁବନେଶ୍ୱର (ଡ଼ିକେ ବ୍ୟୁରୋ): ରାଜଧାନୀରେ ଆଜି ବିଶ୍ୱ ମୃତ୍ତିକା ଦିବସ ୨୦୨୫ ପାଳିତ ହୋଇଯାଇଛି। କୃଷି ଓ କୃଷକ ସଶକ୍ତିକରଣ ବିଭାଗ ପକ୍ଷରୁ ଆୟୋଜିତ ଏହି କାର୍ଯ୍ୟକ୍ରମରେ ମୃତ୍ତିକା ସ୍ୱାସ୍ଥ୍ୟ କାର୍ଡ ଓ ମୃତ୍ତିକା ପରୀକ୍ଷା ବିଷୟରେ ସଚେତନତା ସୃଷ୍ଟି କରାଯାଇଥିଲା। ଭୁବନେଶ୍ୱର (ଡ଼ିକେ ବ୍ୟୁରୋ): ରାଜଧାନୀରେ ଆଜି ବିଶ୍ୱ ମୃତ୍ତିକା ଦିବସ ୨୦୨୫ ପାଳିତ ହୋଇଯାଇଛି। କୃଷି ଓ କୃଷକ ସଶକ୍ତିକରଣ ବିଭାଗ ପକ୍ଷରୁ ଆୟୋଜିତ ଏହି କାର୍ଯ୍ୟକ୍ରମରେ ମୃତ୍ତିକା ସ୍ୱାସ୍ଥ୍ୟ କାର୍ଡ ଓ ମୃତ୍ତିକା ପରୀକ୍ଷା ବିଷୟରେ ସଚେତନତା ସୃଷ୍ଟି କରାଯାଇଥିଲା। ଭୁବନେଶ୍ୱର (ଡ଼ିକେ ବ୍ୟୁରୋ): ରାଜଧାନୀରେ ଆଜି ବିଶ୍ୱ ମୃତ୍ତିକା ଦିବସ ୨୦୨୫ ପାଳିତ ହୋଇଯାଇଛି। କୃଷି ଓ କୃଷକ ସଶକ୍ତିକରଣ ବିଭାଗ ପକ୍ଷରୁ ଆୟୋଜିତ ଏହି କାର୍ଯ୍ୟକ୍ରମରେ ମୃତ୍ତିକା ସ୍ୱାସ୍ଥ୍ୟ କାର୍ଡ ଓ ମୃତ୍ତିକା ପରୀକ୍ଷା ବିଷୟରେ ସଚେତନତା ସୃଷ୍ଟି କରାଯାଇଥିଲା। ଭୁବନେଶ୍ୱର (ଡ଼ିକେ ବ୍ୟୁରୋ): ରାଜଧାନୀରେ ଆଜି ବିଶ୍ୱ ମୃତ୍ତିକା ଦିବସ ୨୦୨୫ ପାଳିତ ହୋଇଯାଇଛି। କୃଷି ଓ କୃଷକ ସଶକ୍ତିକରଣ
ଭୁବନେଶ୍ୱର (ଡ଼ିକେ ବ୍ୟୁରୋ): ରାଜଧାନୀରେ ଆଜି ବିଶ୍ୱ ମୃତ୍ତିକା ଦିବସ ୨୦୨୫ ପାଳିତ ହୋଇଯାଇଛି। କୃଷି ଓ କୃଷକ ସଶକ୍ତିକରଣ ବିଭାଗ ପକ୍ଷରୁ ଆୟୋଜିତ ଏହି କାର୍ଯ୍ୟକ୍ରମରେ ମୃତ୍ତିକା ସ୍ୱାସ୍ଥ୍ୟ କାର୍ଡ ଓ ମୃତ୍ତିକା ପରୀକ୍ଷା ବିଷୟରେ ସଚେତନତା ସୃଷ୍ଟି କରାଯାଇଥିଲା। ଭୁବନେଶ୍ୱର (ଡ଼ିକେ ବ୍ୟୁରୋ): ରାଜଧାନୀରେ ଆଜି ବିଶ୍ୱ ମୃତ୍ତିକା ଦିବସ ୨୦୨୫ ପାଳିତ ହୋଇଯାଇଛି। କୃଷି ଓ କୃଷକ ସଶକ୍ତିକରଣ ବିଭାଗ ପକ୍ଷରୁ ଆୟୋଜିତ ଏହି କାର୍ଯ୍ୟକ୍ରମରେ ମୃତ୍ତିକା ସ୍ୱାସ୍ଥ୍ୟ କାର୍ଡ ଓ ମୃତ୍ତିକା ପରୀକ୍ଷା ବିଷୟରେ ସଚେତନତା ସୃଷ୍ଟି କରାଯାଇଥିଲା। ଭୁବନେଶ୍ୱର (ଡ଼ିକେ ବ୍ୟୁରୋ): ରାଜଧାନୀରେ ଆଜି ବିଶ୍ୱ ମୃତ୍ତିକା ଦିବସ ୨୦୨୫ ପାଳିତ ହୋଇଯାଇଛି। କୃଷି ଓ କୃଷକ ସଶକ୍ତିକରଣ ବିଭାଗ ପକ୍ଷରୁ ଆୟୋଜିତ ଏହି କାର୍ଯ୍ୟକ୍ରମରେ ମୃତ୍ତିକା ସ୍ୱାସ୍ଥ୍ୟ କାର୍ଡ ଓ ମୃତ୍ତିକା ପରୀକ୍ଷା ବିଷୟରେ ସଚେତନତା ସୃଷ୍ଟି କରାଯାଇଥିଲା। ଭୁବନେଶ୍ୱର (ଡ଼ିକେ ବ୍ୟୁରୋ): ରାଜଧାନୀରେ ଆଜି ବିଶ୍ୱ ମୃତ୍ତିକା ଦିବସ ୨୦୨୫ ପାଳିତ ହୋଇଯାଇଛି। କୃଷି ଓ କୃଷକ ସଶକ୍ତିକରଣ ବିଭାଗ ପକ୍ଷରୁ ଆୟୋଜିତ ଏହି କାର୍ଯ୍ୟକ୍ରମରେ ମୃତ୍ତିକା ସ୍ୱାସ୍ଥ୍ୟ କାର୍ଡ ଓ ମୃତ୍ତିକା ପରୀକ୍ଷା ବିଷୟରେ ସଚେତନତା ସୃଷ୍ଟି କରାଯାଇଥିଲା। ଭୁବନେଶ୍ୱର (ଡ଼ିକେ ବ୍ୟୁରୋ): ରାଜଧାନୀରେ ଆଜି ବିଶ୍ୱ ମୃତ୍ତିକା ଦିବସ ୨୦୨୫ ପାଳିତ ହୋଇଯାଇଛି। କୃଷି ଓ କୃଷକ ସଶକ୍ତିକରଣ
